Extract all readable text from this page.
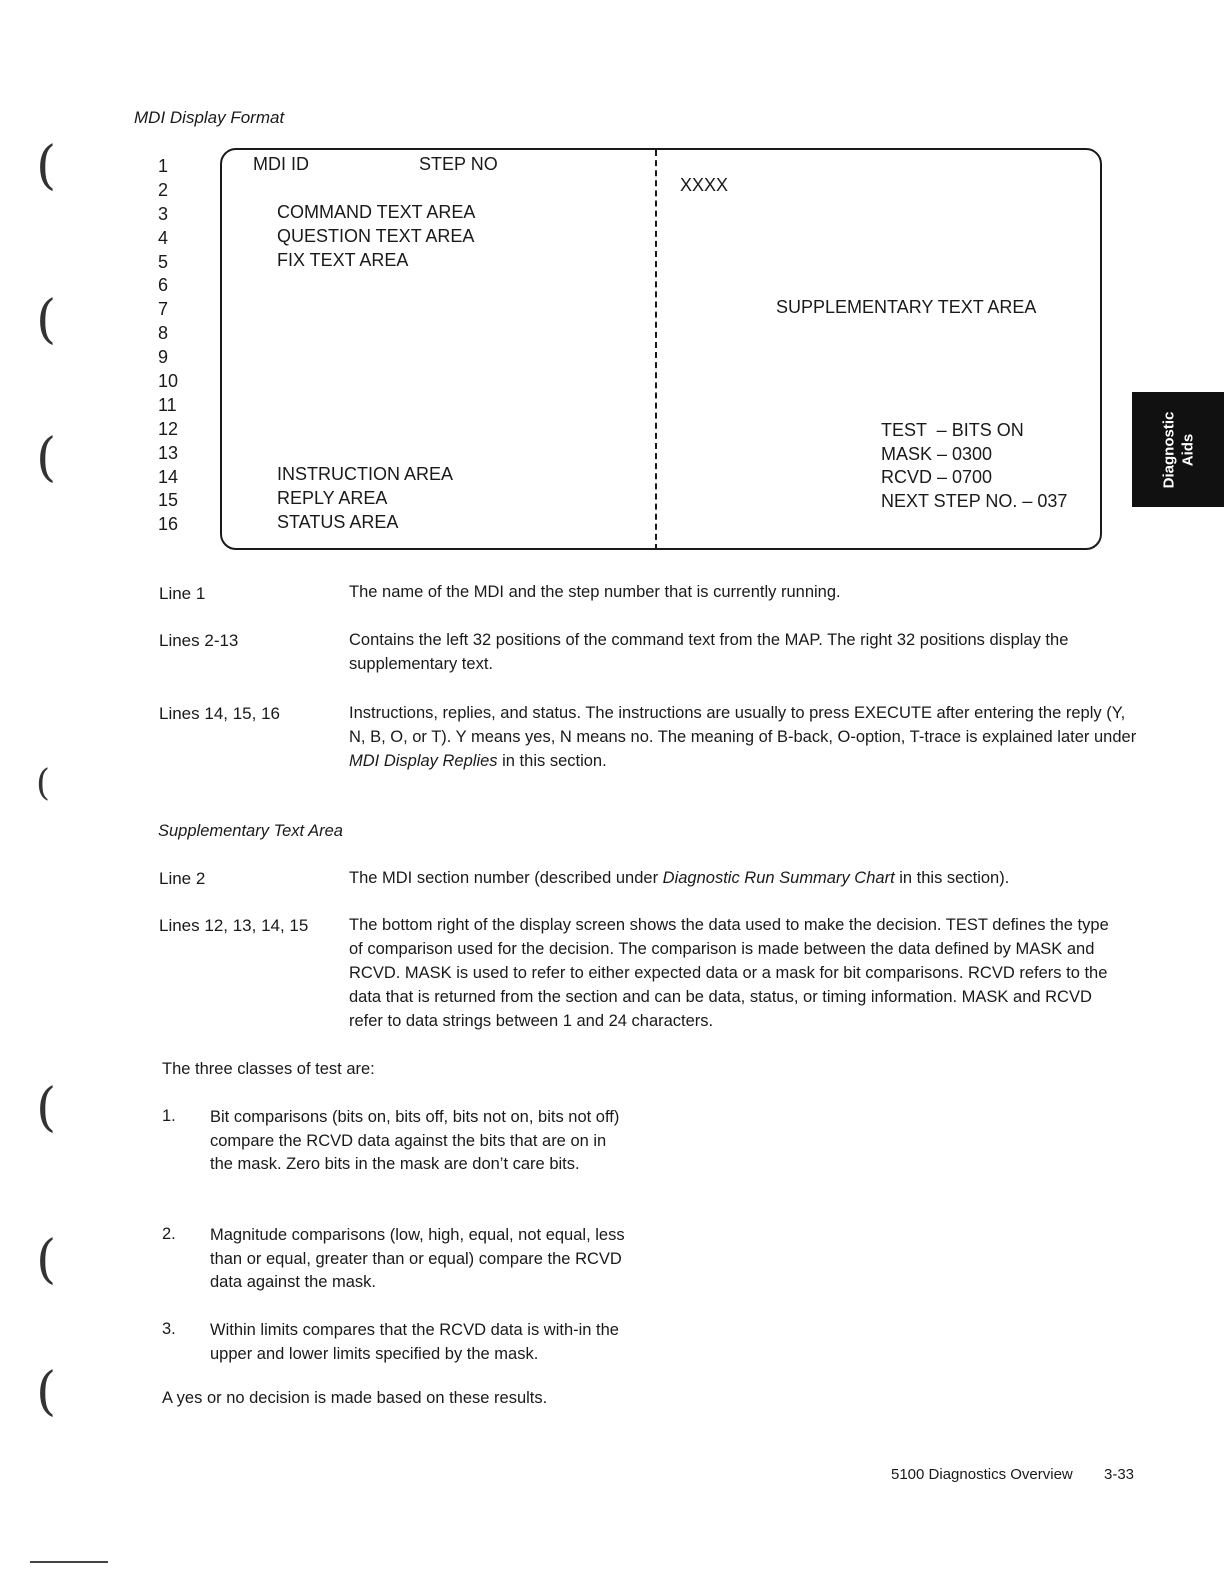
MDI Display Format
1
2
3
4
5
6
7
8
9
10
11
12
13
14
15
16
MDI ID	STEP NO
XXXX
COMMAND TEXT AREA
QUESTION TEXT AREA
FIX TEXT AREA
SUPPLEMENTARY TEXT AREA
TEST  – BITS ON
MASK – 0300
RCVD – 0700
NEXT STEP NO. – 037
INSTRUCTION AREA
REPLY AREA
STATUS AREA
Line 1	The name of the MDI and the step number that is currently running.
Lines 2-13	Contains the left 32 positions of the command text from the MAP. The right 32 positions display the supplementary text.
Lines 14, 15, 16	Instructions, replies, and status. The instructions are usually to press EXECUTE after entering the reply (Y, N, B, O, or T). Y means yes, N means no. The meaning of B-back, O-option, T-trace is explained later under MDI Display Replies in this section.
Supplementary Text Area
Line 2	The MDI section number (described under Diagnostic Run Summary Chart in this section).
Lines 12, 13, 14, 15 The bottom right of the display screen shows the data used to make the decision. TEST defines the type of comparison used for the decision. The comparison is made between the data defined by MASK and RCVD. MASK is used to refer to either expected data or a mask for bit comparisons. RCVD refers to the data that is returned from the section and can be data, status, or timing information. MASK and RCVD refer to data strings between 1 and 24 characters.
The three classes of test are:
1. Bit comparisons (bits on, bits off, bits not on, bits not off) compare the RCVD data against the bits that are on in the mask. Zero bits in the mask are don’t care bits.
2. Magnitude comparisons (low, high, equal, not equal, less than or equal, greater than or equal) compare the RCVD data against the mask.
3. Within limits compares that the RCVD data is with-in the upper and lower limits specified by the mask.
A yes or no decision is made based on these results.
Diagnostic Aids
(
(
(
(
(
(
(
5100 Diagnostics Overview 3-33
